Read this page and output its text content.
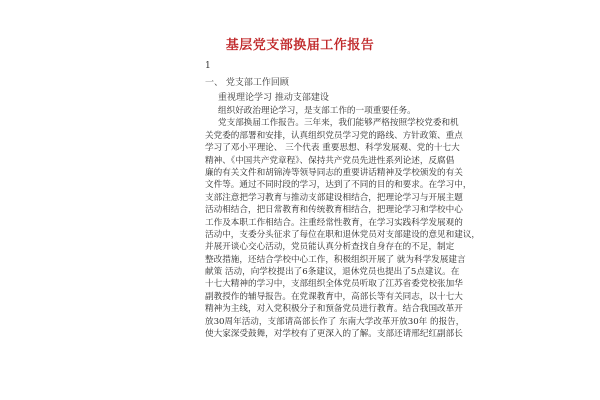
基层党支部换届工作报告
1
一、 党支部工作回顾
重视理论学习 推动支部建设
组织好政治理论学习，是支部工作的一项重要任务。
党支部换届工作报告。三年来，我们能够严格按照学校党委和机
关党委的部署和安排，认真组织党员学习党的路线、方针政策、重点
学习了邓小平理论、 三个代表 重要思想、科学发展观、党的十七大
精神、《中国共产党章程》、保持共产党员先进性系列论述，反腐倡
廉的有关文件和胡锦涛等领导同志的重要讲话精神及学校颁发的有关
文件等。通过不同时段的学习，达到了不同的目的和要求。在学习中，
支部注意把学习教育与推动支部建设相结合，把理论学习与开展主题
活动相结合，把日常教育和传统教育相结合，把理论学习和学校中心
工作及本职工作相结合。注重经常性教育，在学习实践科学发展观的
活动中，支委分头征求了每位在职和退休党员对支部建设的意见和建议，
并展开谈心交心活动，党员能认真分析查找自身存在的不足，制定
整改措施，还结合学校中心工作，积极组织开展了 就为科学发展建言
献策 活动，向学校提出了6条建议，退休党员也提出了5点建议。在
十七大精神的学习中，支部组织全体党员听取了江苏省委党校张加华
副教授作的辅导报告。在党课教育中，高部长等有关同志，以十七大
精神为主线，对入党积极分子和预备党员进行教育。结合我国改革开
放30周年活动，支部请高部长作了 东南大学改革开放30年 的报告，
使大家深受鼓舞，对学校有了更深入的了解。支部还请邢纪红副部长
